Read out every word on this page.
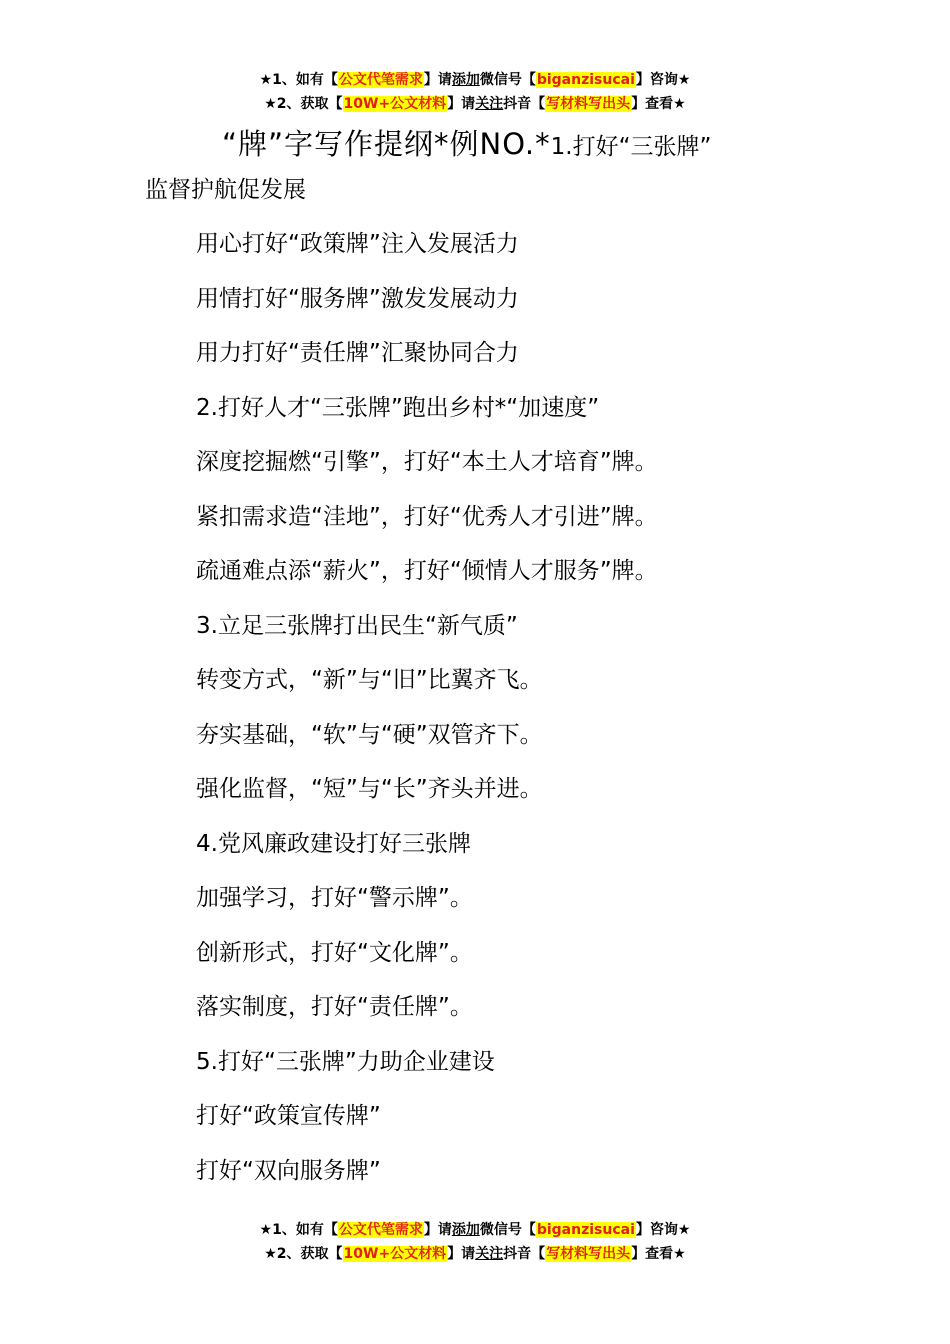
★1、如有【公文代笔需求】请添加微信号【biganzisucai】咨询★
★2、获取【10W+公文材料】请关注抖音【写材料写出头】查看★
“牌”字写作提纲*例NO.*1.打好“三张牌”
监督护航促发展
用心打好“政策牌”注入发展活力
用情打好“服务牌”激发发展动力
用力打好“责任牌”汇聚协同合力
2.打好人才“三张牌”跑出乡村*“加速度”
深度挖掘燃“引擎”，打好“本土人才培育”牌。
紧扣需求造“洼地”，打好“优秀人才引进”牌。
疏通难点添“薪火”，打好“倾情人才服务”牌。
3.立足三张牌打出民生“新气质”
转变方式，“新”与“旧”比翼齐飞。
夯实基础，“软”与“硬”双管齐下。
强化监督，“短”与“长”齐头并进。
4.党风廉政建设打好三张牌
加强学习，打好“警示牌”。
创新形式，打好“文化牌”。
落实制度，打好“责任牌”。
5.打好“三张牌”力助企业建设
打好“政策宣传牌”
打好“双向服务牌”
★1、如有【公文代笔需求】请添加微信号【biganzisucai】咨询★
★2、获取【10W+公文材料】请关注抖音【写材料写出头】查看★
